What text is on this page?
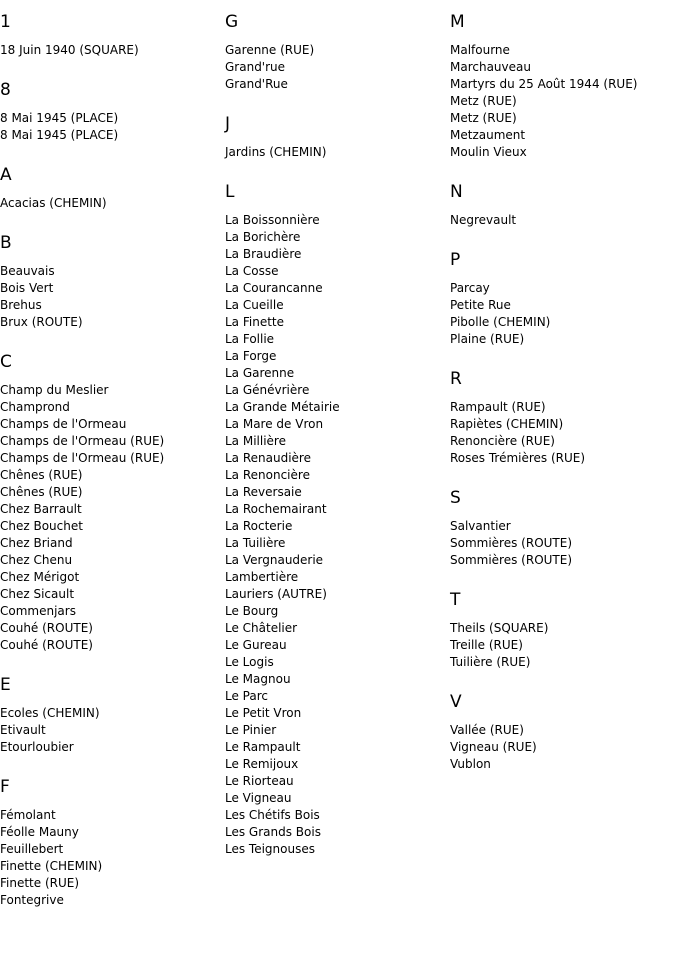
1
18 Juin 1940 (SQUARE)
8
8 Mai 1945 (PLACE)
8 Mai 1945 (PLACE)
A
Acacias (CHEMIN)
B
Beauvais
Bois Vert
Brehus
Brux (ROUTE)
C
Champ du Meslier
Champrond
Champs de l'Ormeau
Champs de l'Ormeau (RUE)
Champs de l'Ormeau (RUE)
Chênes (RUE)
Chênes (RUE)
Chez Barrault
Chez Bouchet
Chez Briand
Chez Chenu
Chez Mérigot
Chez Sicault
Commenjars
Couhé (ROUTE)
Couhé (ROUTE)
E
Ecoles (CHEMIN)
Etivault
Etourloubier
F
Fémolant
Féolle Mauny
Feuillebert
Finette (CHEMIN)
Finette (RUE)
Fontegrive
G
Garenne (RUE)
Grand'rue
Grand'Rue
J
Jardins (CHEMIN)
L
La Boissonnière
La Borichère
La Braudière
La Cosse
La Courancanne
La Cueille
La Finette
La Follie
La Forge
La Garenne
La Génévrière
La Grande Métairie
La Mare de Vron
La Millière
La Renaudière
La Renoncière
La Reversaie
La Rochemairant
La Rocterie
La Tuilière
La Vergnauderie
Lambertière
Lauriers (AUTRE)
Le Bourg
Le Châtelier
Le Gureau
Le Logis
Le Magnou
Le Parc
Le Petit Vron
Le Pinier
Le Rampault
Le Remijoux
Le Riorteau
Le Vigneau
Les Chétifs Bois
Les Grands Bois
Les Teignouses
M
Malfourne
Marchauveau
Martyrs du 25 Août 1944 (RUE)
Metz (RUE)
Metz (RUE)
Metzaument
Moulin Vieux
N
Negrevault
P
Parcay
Petite Rue
Pibolle (CHEMIN)
Plaine (RUE)
R
Rampault (RUE)
Rapiètes (CHEMIN)
Renoncière (RUE)
Roses Trémières (RUE)
S
Salvantier
Sommières (ROUTE)
Sommières (ROUTE)
T
Theils (SQUARE)
Treille (RUE)
Tuilière (RUE)
V
Vallée (RUE)
Vigneau (RUE)
Vublon
